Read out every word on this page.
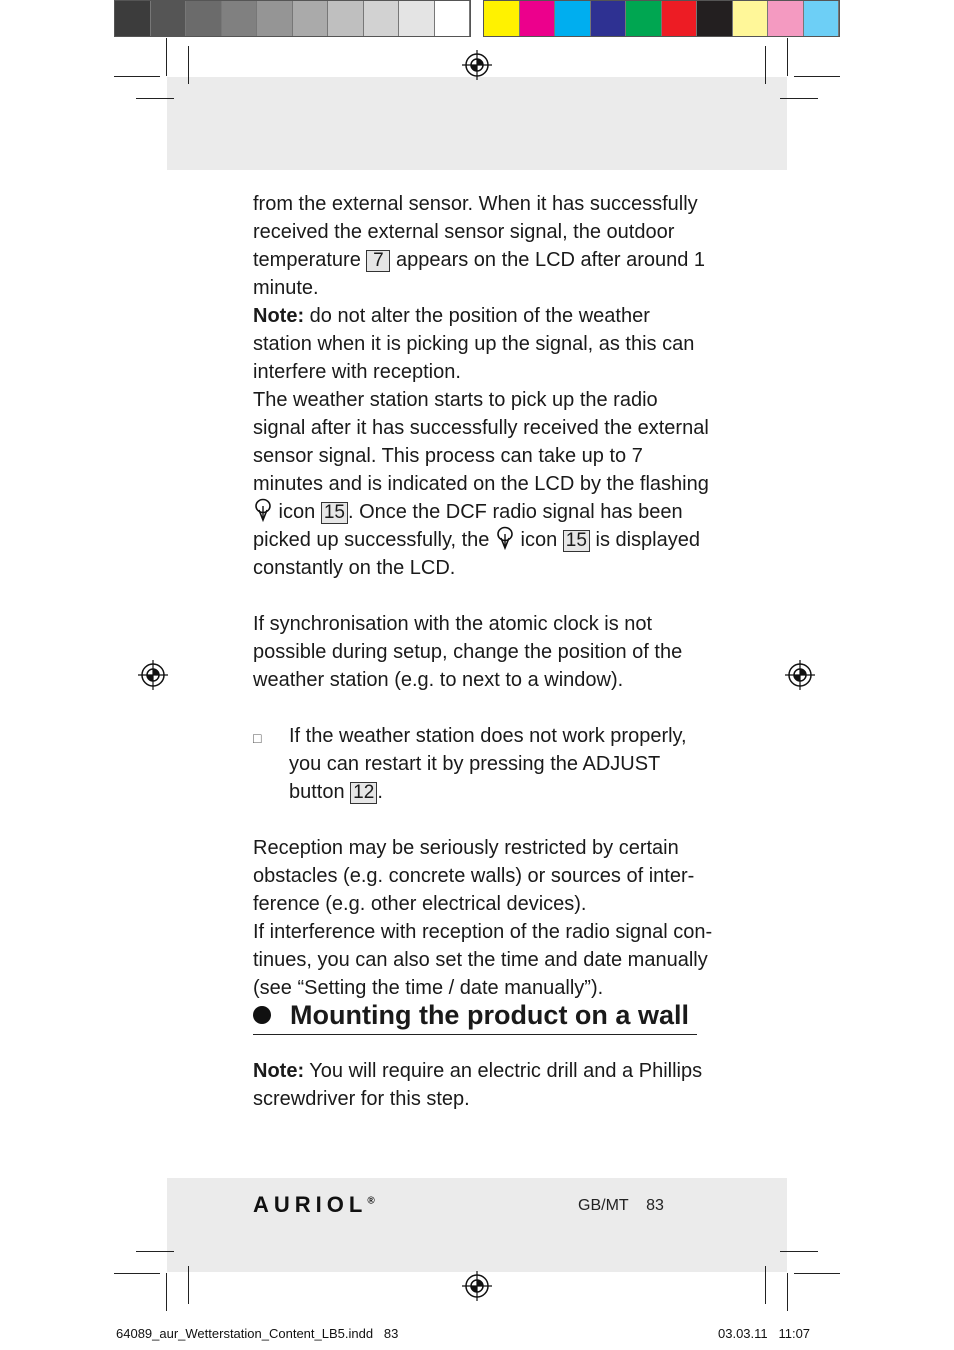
from the external sensor. When it has successfully received the external sensor signal, the outdoor temperature 7 appears on the LCD after around 1 minute.

Note: do not alter the position of the weather station when it is picking up the signal, as this can interfere with reception.

The weather station starts to pick up the radio signal after it has successfully received the external sensor signal. This process can take up to 7 minutes and is indicated on the LCD by the flashing  icon 15 . Once the DCF radio signal has been picked up successfully, the  icon 15 is displayed constantly on the LCD.

If synchronisation with the atomic clock is not possible during setup, change the position of the weather station (e.g. to next to a window).

□	If the weather station does not work properly, you can restart it by pressing the ADJUST button 12 .

Reception may be seriously restricted by certain obstacles (e.g. concrete walls) or sources of inter-ference (e.g. other electrical devices).

If interference with reception of the radio signal con-tinues, you can also set the time and date manually (see “Setting the time / date manually”).

Mounting the product on a wall
Note: You will require an electric drill and a Phillips screwdriver for this step.
AURIOL®	GB/MT    83
64089_aur_Wetterstation_Content_LB5.indd   83	03.03.11   11:07
